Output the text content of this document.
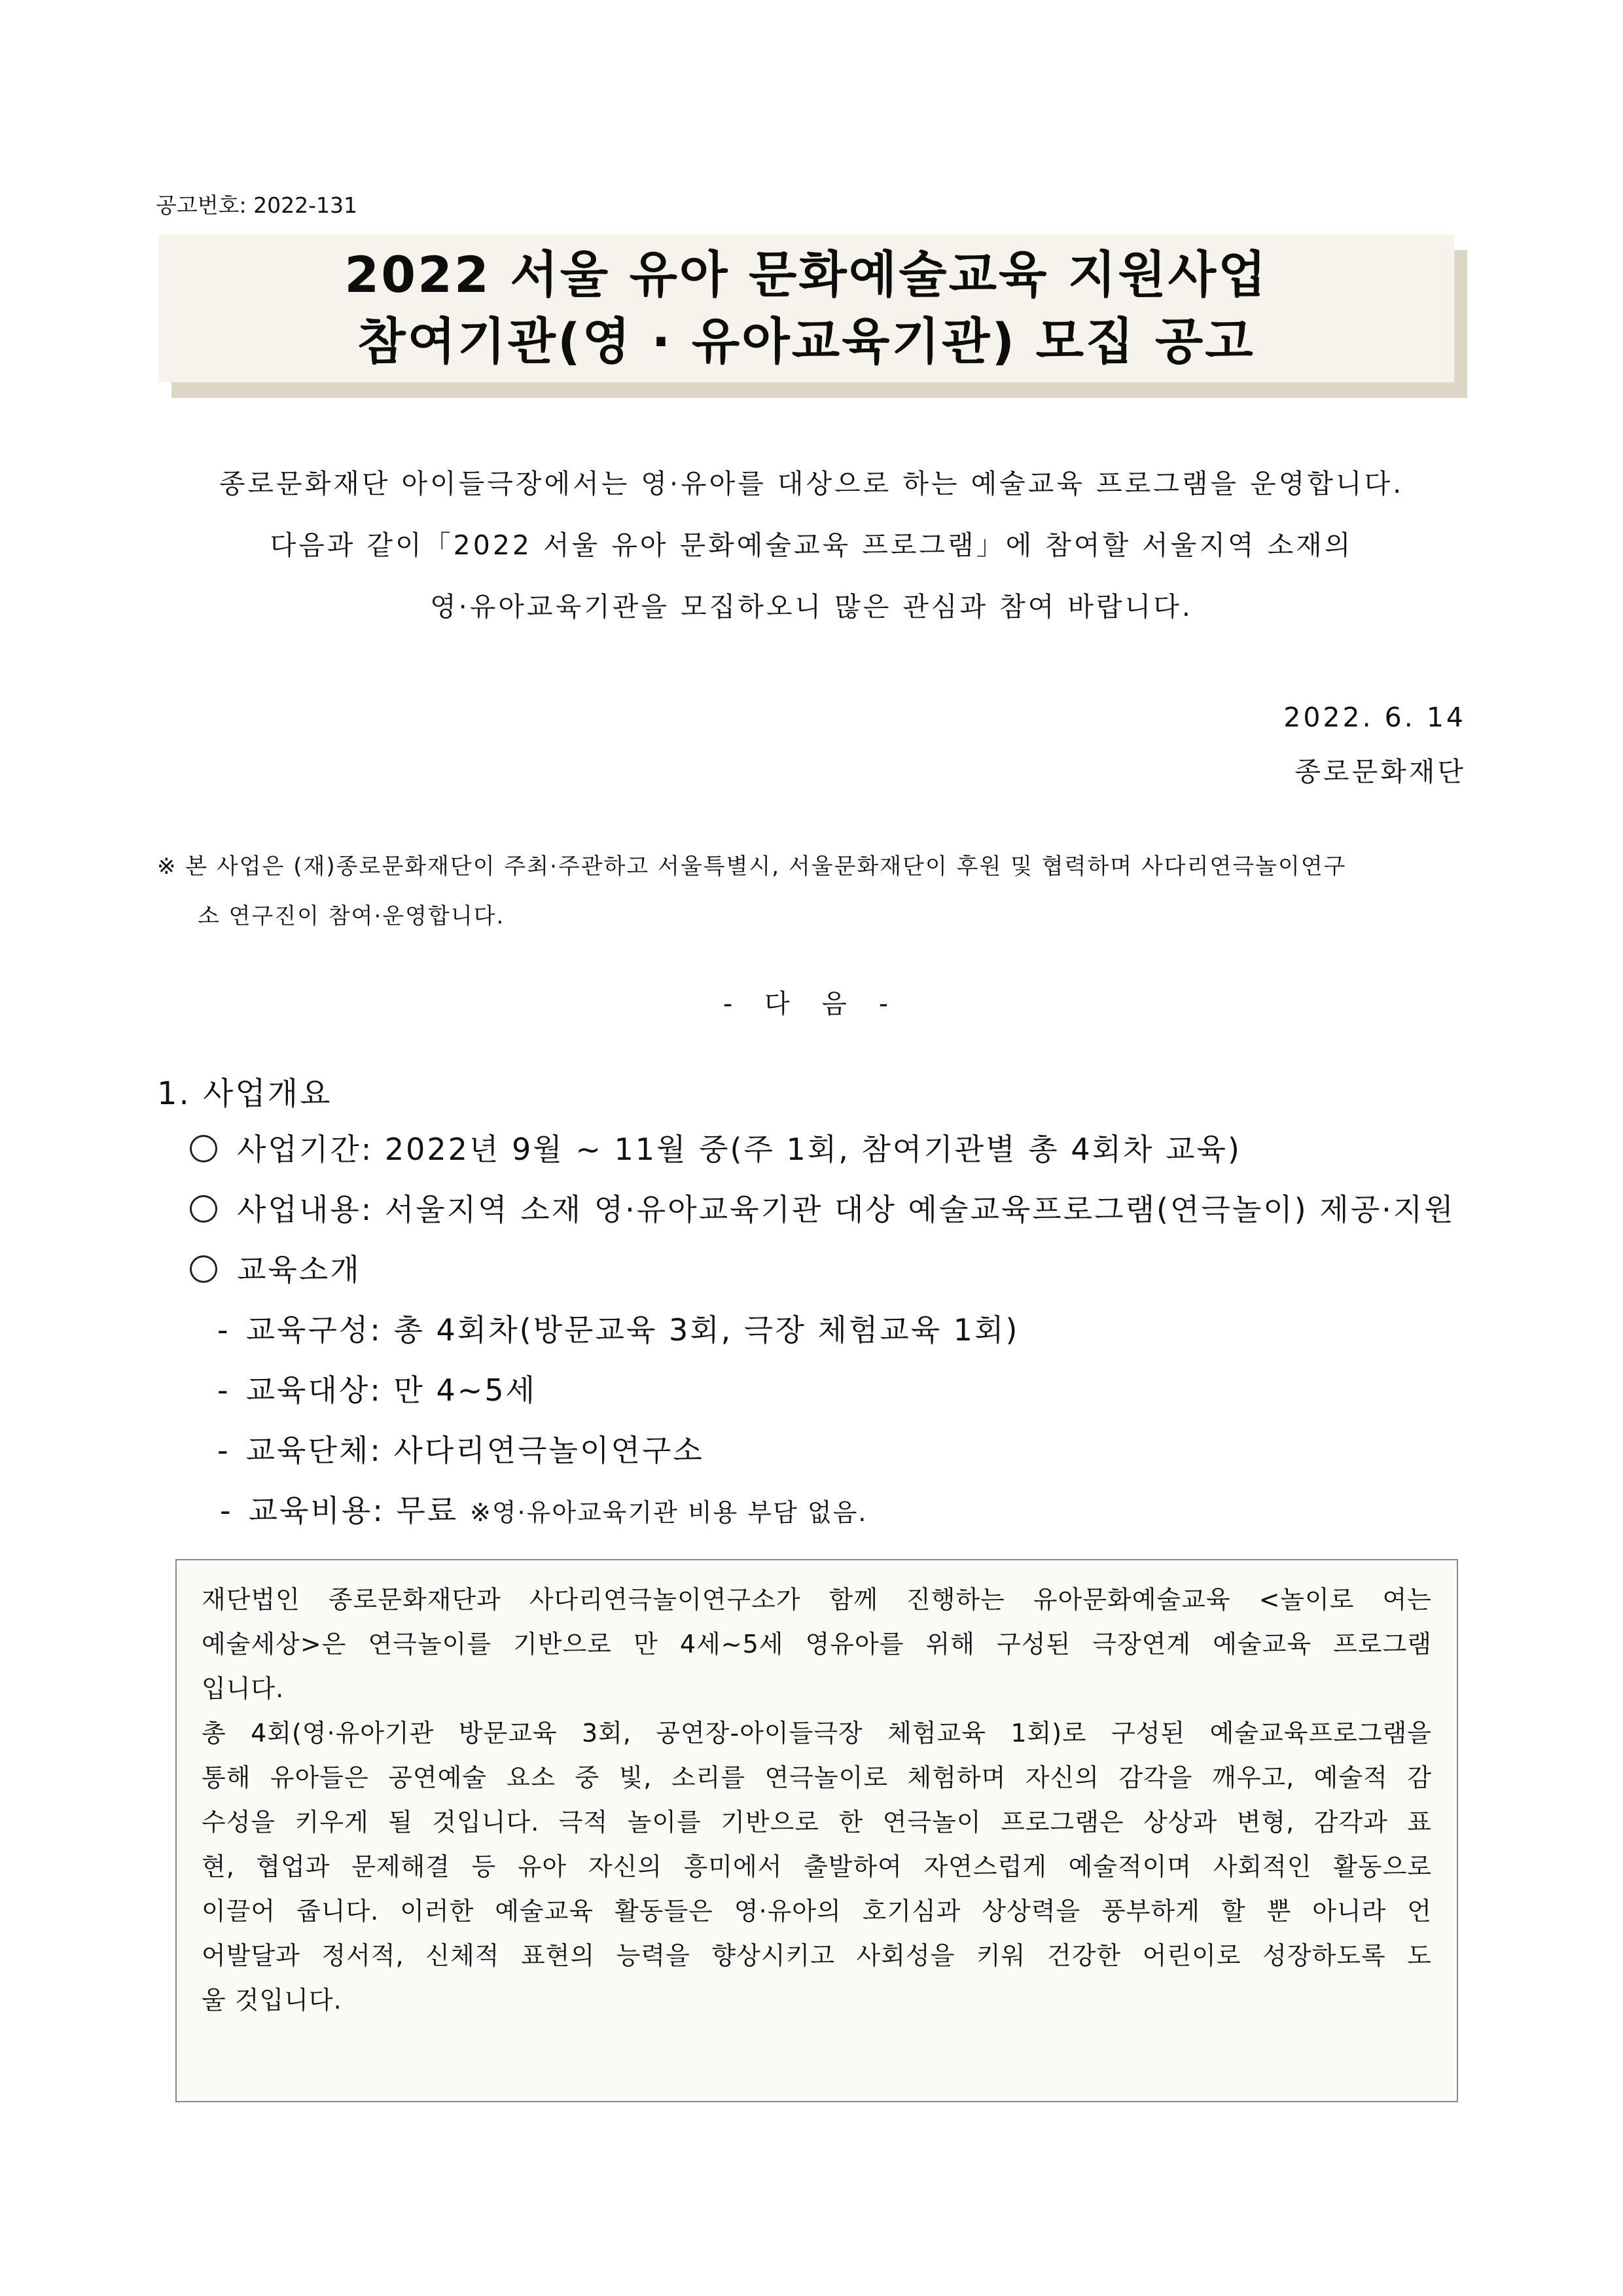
공고번호: 2022-131
2022 서울 유아 문화예술교육 지원사업
참여기관(영 · 유아교육기관) 모집 공고
종로문화재단 아이들극장에서는 영·유아를 대상으로 하는 예술교육 프로그램을 운영합니다.
다음과 같이「2022 서울 유아 문화예술교육 프로그램」에 참여할 서울지역 소재의
영·유아교육기관을 모집하오니 많은 관심과 참여 바랍니다.
2022. 6. 14
종로문화재단
※ 본 사업은 (재)종로문화재단이 주최·주관하고 서울특별시, 서울문화재단이 후원 및 협력하며 사다리연극놀이연구
소 연구진이 참여·운영합니다.
- 다 음 -
1. 사업개요
사업기간: 2022년 9월 ~ 11월 중(주 1회, 참여기관별 총 4회차 교육)
사업내용: 서울지역 소재 영·유아교육기관 대상 예술교육프로그램(연극놀이) 제공·지원
교육소개
- 교육구성: 총 4회차(방문교육 3회, 극장 체험교육 1회)
- 교육대상: 만 4~5세
- 교육단체: 사다리연극놀이연구소
- 교육비용: 무료 ※영·유아교육기관 비용 부담 없음.
재단법인 종로문화재단과 사다리연극놀이연구소가 함께 진행하는 유아문화예술교육 <놀이로 여는
예술세상>은 연극놀이를 기반으로 만 4세~5세 영유아를 위해 구성된 극장연계 예술교육 프로그램
입니다.
총 4회(영·유아기관 방문교육 3회, 공연장-아이들극장 체험교육 1회)로 구성된 예술교육프로그램을
통해 유아들은 공연예술 요소 중 빛, 소리를 연극놀이로 체험하며 자신의 감각을 깨우고, 예술적 감
수성을 키우게 될 것입니다. 극적 놀이를 기반으로 한 연극놀이 프로그램은 상상과 변형, 감각과 표
현, 협업과 문제해결 등 유아 자신의 흥미에서 출발하여 자연스럽게 예술적이며 사회적인 활동으로
이끌어 줍니다. 이러한 예술교육 활동들은 영·유아의 호기심과 상상력을 풍부하게 할 뿐 아니라 언
어발달과 정서적, 신체적 표현의 능력을 향상시키고 사회성을 키워 건강한 어린이로 성장하도록 도
울 것입니다.
